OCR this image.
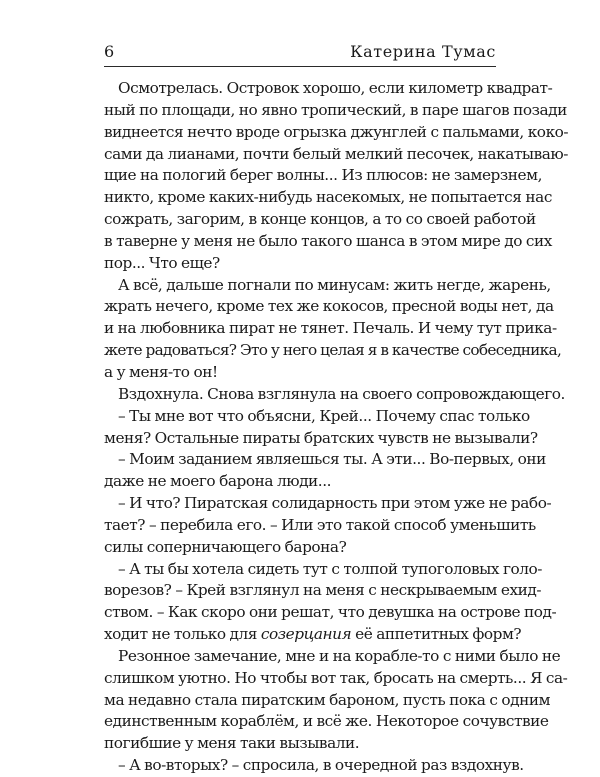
6	Катерина Тумас
Осмотрелась. Островок хорошо, если километр квадрат-
ный по площади, но явно тропический, в паре шагов позади
виднеется нечто вроде огрызка джунглей с пальмами, коко-
сами да лианами, почти белый мелкий песочек, накатываю-
щие на пологий берег волны... Из плюсов: не замерзнем,
никто, кроме каких-нибудь насекомых, не попытается нас
сожрать, загорим, в конце концов, а то со своей работой
в таверне у меня не было такого шанса в этом мире до сих
пор... Что еще?
А всё, дальше погнали по минусам: жить негде, жарень,
жрать нечего, кроме тех же кокосов, пресной воды нет, да
и на любовника пират не тянет. Печаль. И чему тут прика-
жете радоваться? Это у него целая я в качестве собеседника,
а у меня-то он!
Вздохнула. Снова взглянула на своего сопровождающего.
– Ты мне вот что объясни, Крей... Почему спас только
меня? Остальные пираты братских чувств не вызывали?
– Моим заданием являешься ты. А эти... Во-первых, они
даже не моего барона люди...
– И что? Пиратская солидарность при этом уже не рабо-
тает? – перебила его. – Или это такой способ уменьшить
силы соперничающего барона?
– А ты бы хотела сидеть тут с толпой тупоголовых голо-
ворезов? – Крей взглянул на меня с нескрываемым ехид-
ством. – Как скоро они решат, что девушка на острове под-
ходит не только для созерцания её аппетитных форм?
Резонное замечание, мне и на корабле-то с ними было не
слишком уютно. Но чтобы вот так, бросать на смерть... Я са-
ма недавно стала пиратским бароном, пусть пока с одним
единственным кораблём, и всё же. Некоторое сочувствие
погибшие у меня таки вызывали.
– А во-вторых? – спросила, в очередной раз вздохнув.
